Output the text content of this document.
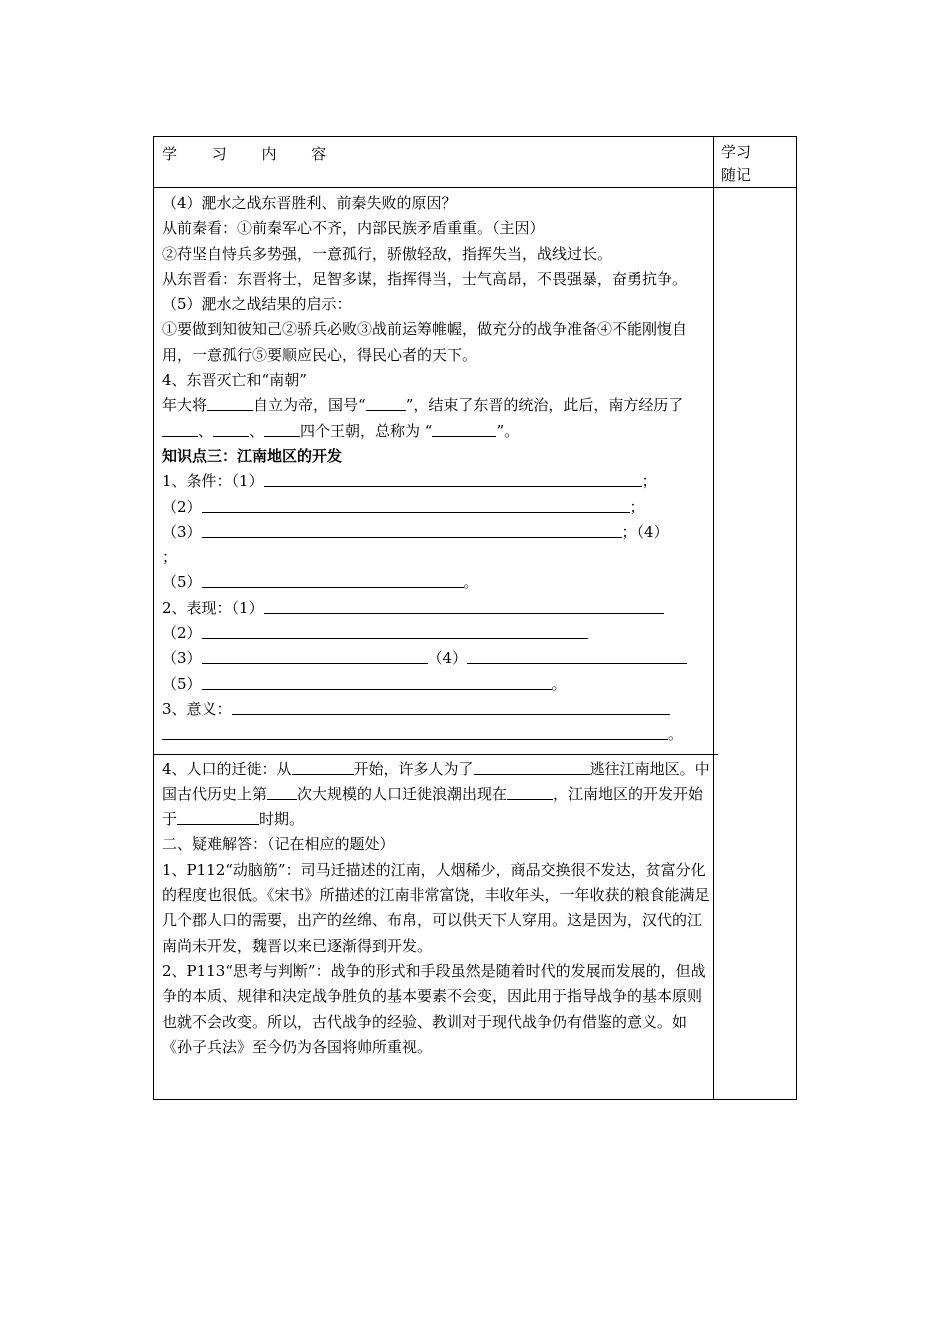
学 习 内 容	学习
随记

（4）淝水之战东晋胜利、前秦失败的原因？

从前秦看：①前秦军心不齐，内部民族矛盾重重。（主因）

②苻坚自恃兵多势强，一意孤行，骄傲轻敌，指挥失当，战线过长。

从东晋看：东晋将士，足智多谋，指挥得当，士气高昂，不畏强暴，奋勇抗争。

（5）淝水之战结果的启示：

①要做到知彼知己②骄兵必败③战前运筹帷幄，做充分的战争准备④不能刚愎自用，一意孤行⑤要顺应民心，得民心者的天下。

4、东晋灭亡和“南朝”

年大将	自立为帝，国号“	”，结束了东晋的统治，此后，南方经历了、 、 四个王朝，总称为 “	”。

知识点三：江南地区的开发

1、条件：（1）	；

（2）	；

（3）	；（4）

；

（5）	。

2、表现：（1）

（2）

（3）	（4）

（5）	。

3、意义：

。

4、人口的迁徙：从	开始，许多人为了	逃往江南地区。中国古代历史上第 次大规模的人口迁徙浪潮出现在	，江南地区的开发开始于	时期。

二、疑难解答：（记在相应的题处）

1、P112“动脑筋”：司马迁描述的江南，人烟稀少，商品交换很不发达，贫富分化的程度也很低。《宋书》所描述的江南非常富饶，丰收年头，一年收获的粮食能满足几个郡人口的需要，出产的丝绵、布帛，可以供天下人穿用。这是因为，汉代的江南尚未开发，魏晋以来已逐渐得到开发。

2、P113“思考与判断”：战争的形式和手段虽然是随着时代的发展而发展的，但战争的本质、规律和决定战争胜负的基本要素不会变，因此用于指导战争的基本原则也就不会改变。所以，古代战争的经验、教训对于现代战争仍有借鉴的意义。如《孙子兵法》至今仍为各国将帅所重视。
